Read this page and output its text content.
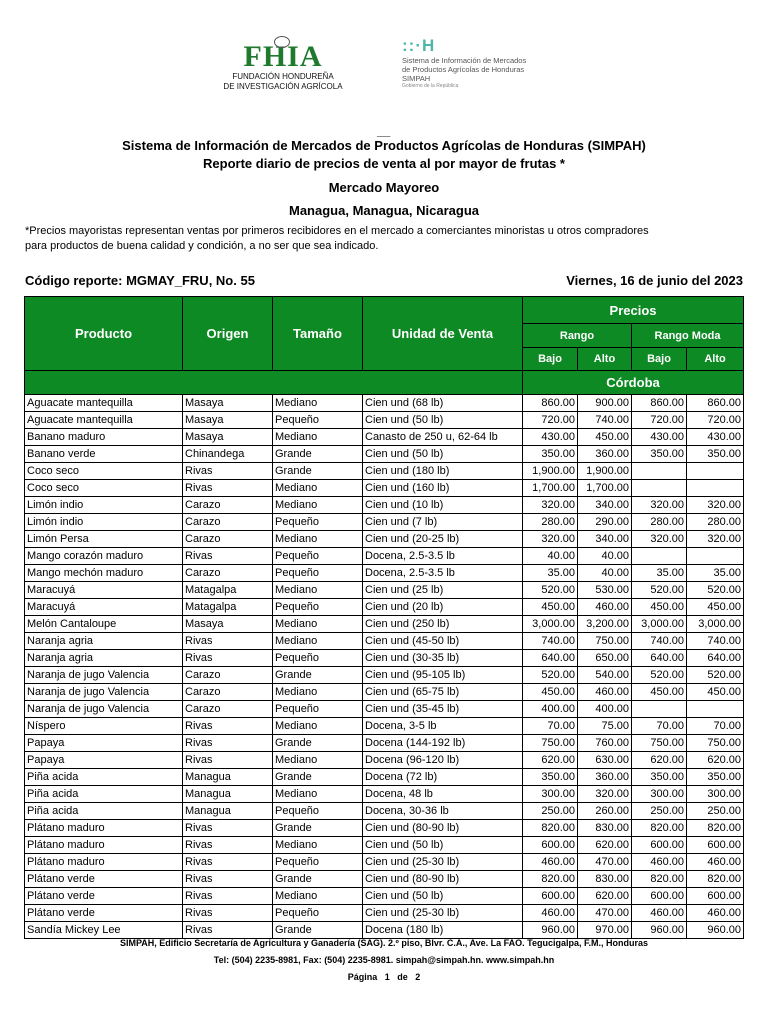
FHIA
FUNDACIÓN HONDUREÑA
DE INVESTIGACIÓN AGRÍCOLA
::·H
Sistema de Información de Mercados
de Productos Agrícolas de Honduras
SIMPAH
Gobierno de la República
__
Sistema de Información de Mercados de Productos Agrícolas de Honduras (SIMPAH)
Reporte diario de precios de venta al por mayor de frutas *
Mercado Mayoreo
Managua, Managua, Nicaragua
*Precios mayoristas representan ventas por primeros recibidores en el mercado a comerciantes minoristas u otros compradores
para productos de buena calidad y condición, a no ser que sea indicado.
Código reporte: MGMAY_FRU, No. 55	Viernes, 16 de junio del 2023
Producto	Origen	Tamaño	Unidad de Venta	Precios			
				Rango		Rango Moda	
				Bajo	Alto	Bajo	Alto
				Córdoba			
Aguacate mantequilla	Masaya	Mediano	Cien und (68 lb)	860.00	900.00	860.00	860.00
Aguacate mantequilla	Masaya	Pequeño	Cien und (50 lb)	720.00	740.00	720.00	720.00
Banano maduro	Masaya	Mediano	Canasto de 250 u, 62-64 lb	430.00	450.00	430.00	430.00
Banano verde	Chinandega	Grande	Cien und (50 lb)	350.00	360.00	350.00	350.00
Coco seco	Rivas	Grande	Cien und (180 lb)	1,900.00	1,900.00		
Coco seco	Rivas	Mediano	Cien und (160 lb)	1,700.00	1,700.00		
Limón indio	Carazo	Mediano	Cien und (10 lb)	320.00	340.00	320.00	320.00
Limón indio	Carazo	Pequeño	Cien und (7 lb)	280.00	290.00	280.00	280.00
Limón Persa	Carazo	Mediano	Cien und (20-25 lb)	320.00	340.00	320.00	320.00
Mango corazón maduro	Rivas	Pequeño	Docena, 2.5-3.5 lb	40.00	40.00		
Mango mechón maduro	Carazo	Pequeño	Docena, 2.5-3.5 lb	35.00	40.00	35.00	35.00
Maracuyá	Matagalpa	Mediano	Cien und (25 lb)	520.00	530.00	520.00	520.00
Maracuyá	Matagalpa	Pequeño	Cien und (20 lb)	450.00	460.00	450.00	450.00
Melón Cantaloupe	Masaya	Mediano	Cien und (250 lb)	3,000.00	3,200.00	3,000.00	3,000.00
Naranja agria	Rivas	Mediano	Cien und (45-50 lb)	740.00	750.00	740.00	740.00
Naranja agria	Rivas	Pequeño	Cien und (30-35 lb)	640.00	650.00	640.00	640.00
Naranja de jugo Valencia	Carazo	Grande	Cien und (95-105 lb)	520.00	540.00	520.00	520.00
Naranja de jugo Valencia	Carazo	Mediano	Cien und (65-75 lb)	450.00	460.00	450.00	450.00
Naranja de jugo Valencia	Carazo	Pequeño	Cien und (35-45 lb)	400.00	400.00		
Níspero	Rivas	Mediano	Docena, 3-5 lb	70.00	75.00	70.00	70.00
Papaya	Rivas	Grande	Docena (144-192 lb)	750.00	760.00	750.00	750.00
Papaya	Rivas	Mediano	Docena (96-120 lb)	620.00	630.00	620.00	620.00
Piña acida	Managua	Grande	Docena (72 lb)	350.00	360.00	350.00	350.00
Piña acida	Managua	Mediano	Docena, 48 lb	300.00	320.00	300.00	300.00
Piña acida	Managua	Pequeño	Docena, 30-36 lb	250.00	260.00	250.00	250.00
Plátano maduro	Rivas	Grande	Cien und (80-90 lb)	820.00	830.00	820.00	820.00
Plátano maduro	Rivas	Mediano	Cien und (50 lb)	600.00	620.00	600.00	600.00
Plátano maduro	Rivas	Pequeño	Cien und (25-30 lb)	460.00	470.00	460.00	460.00
Plátano verde	Rivas	Grande	Cien und (80-90 lb)	820.00	830.00	820.00	820.00
Plátano verde	Rivas	Mediano	Cien und (50 lb)	600.00	620.00	600.00	600.00
Plátano verde	Rivas	Pequeño	Cien und (25-30 lb)	460.00	470.00	460.00	460.00
Sandía Mickey Lee	Rivas	Grande	Docena (180 lb)	960.00	970.00	960.00	960.00
SIMPAH, Edificio Secretaría de Agricultura y Ganadería (SAG). 2.º piso, Blvr. C.A., Ave. La FAO. Tegucigalpa, F.M., Honduras
Tel: (504) 2235-8981, Fax: (504) 2235-8981. simpah@simpah.hn. www.simpah.hn
Página   1   de   2
